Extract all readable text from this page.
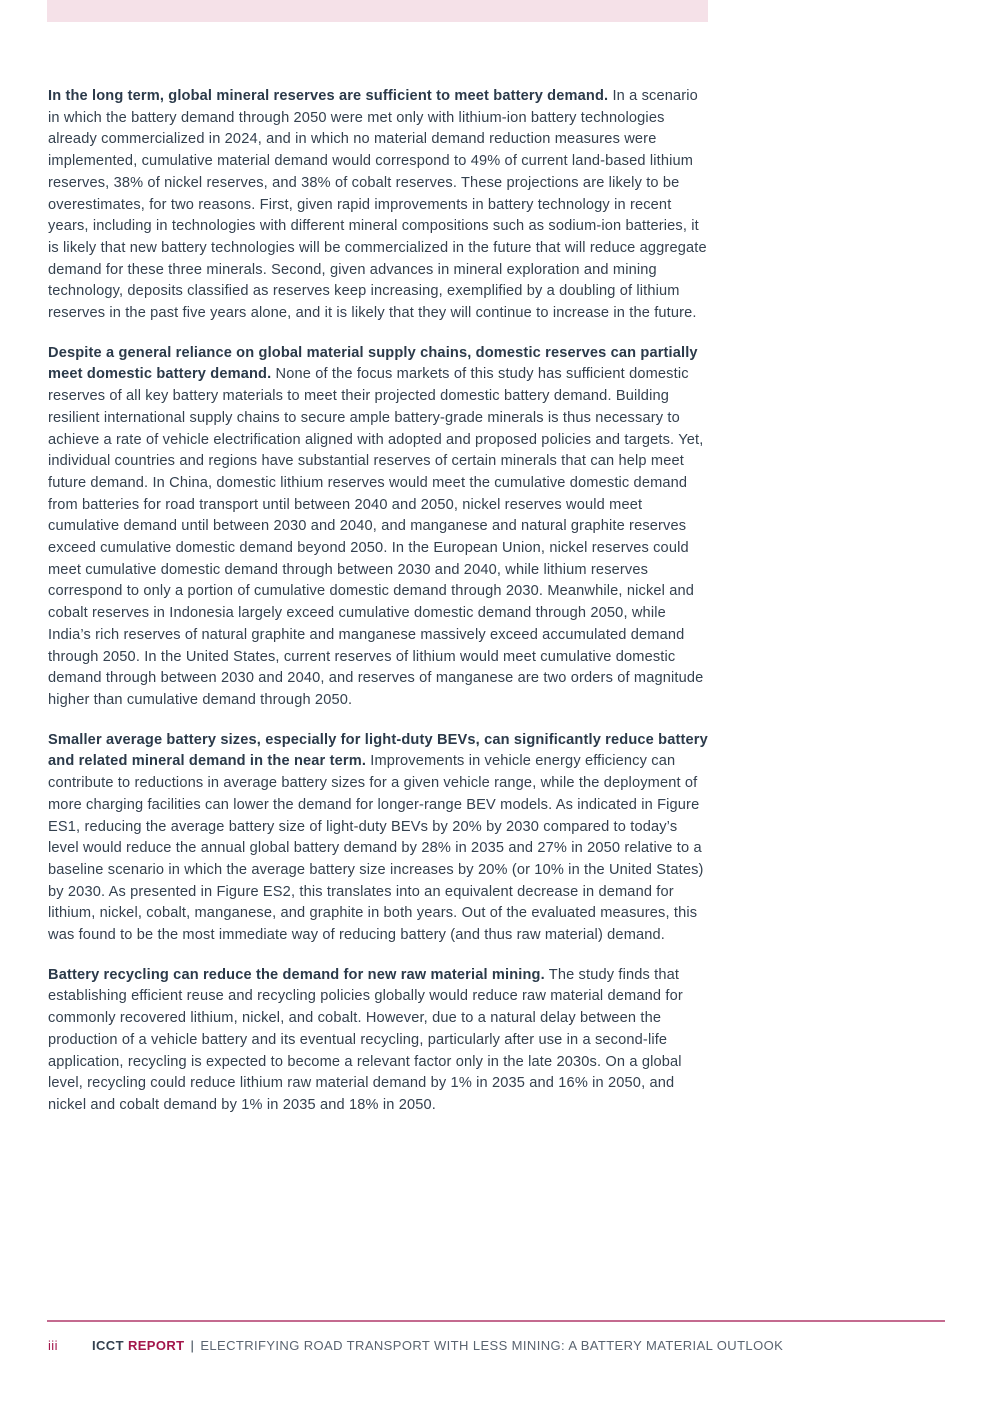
In the long term, global mineral reserves are sufficient to meet battery demand. In a scenario in which the battery demand through 2050 were met only with lithium-ion battery technologies already commercialized in 2024, and in which no material demand reduction measures were implemented, cumulative material demand would correspond to 49% of current land-based lithium reserves, 38% of nickel reserves, and 38% of cobalt reserves. These projections are likely to be overestimates, for two reasons. First, given rapid improvements in battery technology in recent years, including in technologies with different mineral compositions such as sodium-ion batteries, it is likely that new battery technologies will be commercialized in the future that will reduce aggregate demand for these three minerals. Second, given advances in mineral exploration and mining technology, deposits classified as reserves keep increasing, exemplified by a doubling of lithium reserves in the past five years alone, and it is likely that they will continue to increase in the future.

Despite a general reliance on global material supply chains, domestic reserves can partially meet domestic battery demand. None of the focus markets of this study has sufficient domestic reserves of all key battery materials to meet their projected domestic battery demand. Building resilient international supply chains to secure ample battery-grade minerals is thus necessary to achieve a rate of vehicle electrification aligned with adopted and proposed policies and targets. Yet, individual countries and regions have substantial reserves of certain minerals that can help meet future demand. In China, domestic lithium reserves would meet the cumulative domestic demand from batteries for road transport until between 2040 and 2050, nickel reserves would meet cumulative demand until between 2030 and 2040, and manganese and natural graphite reserves exceed cumulative domestic demand beyond 2050. In the European Union, nickel reserves could meet cumulative domestic demand through between 2030 and 2040, while lithium reserves correspond to only a portion of cumulative domestic demand through 2030. Meanwhile, nickel and cobalt reserves in Indonesia largely exceed cumulative domestic demand through 2050, while India’s rich reserves of natural graphite and manganese massively exceed accumulated demand through 2050. In the United States, current reserves of lithium would meet cumulative domestic demand through between 2030 and 2040, and reserves of manganese are two orders of magnitude higher than cumulative demand through 2050.

Smaller average battery sizes, especially for light-duty BEVs, can significantly reduce battery and related mineral demand in the near term. Improvements in vehicle energy efficiency can contribute to reductions in average battery sizes for a given vehicle range, while the deployment of more charging facilities can lower the demand for longer-range BEV models. As indicated in Figure ES1, reducing the average battery size of light-duty BEVs by 20% by 2030 compared to today’s level would reduce the annual global battery demand by 28% in 2035 and 27% in 2050 relative to a baseline scenario in which the average battery size increases by 20% (or 10% in the United States) by 2030. As presented in Figure ES2, this translates into an equivalent decrease in demand for lithium, nickel, cobalt, manganese, and graphite in both years. Out of the evaluated measures, this was found to be the most immediate way of reducing battery (and thus raw material) demand.

Battery recycling can reduce the demand for new raw material mining. The study finds that establishing efficient reuse and recycling policies globally would reduce raw material demand for commonly recovered lithium, nickel, and cobalt. However, due to a natural delay between the production of a vehicle battery and its eventual recycling, particularly after use in a second-life application, recycling is expected to become a relevant factor only in the late 2030s. On a global level, recycling could reduce lithium raw material demand by 1% in 2035 and 16% in 2050, and nickel and cobalt demand by 1% in 2035 and 18% in 2050.

iii	ICCT REPORT | ELECTRIFYING ROAD TRANSPORT WITH LESS MINING: A BATTERY MATERIAL OUTLOOK
